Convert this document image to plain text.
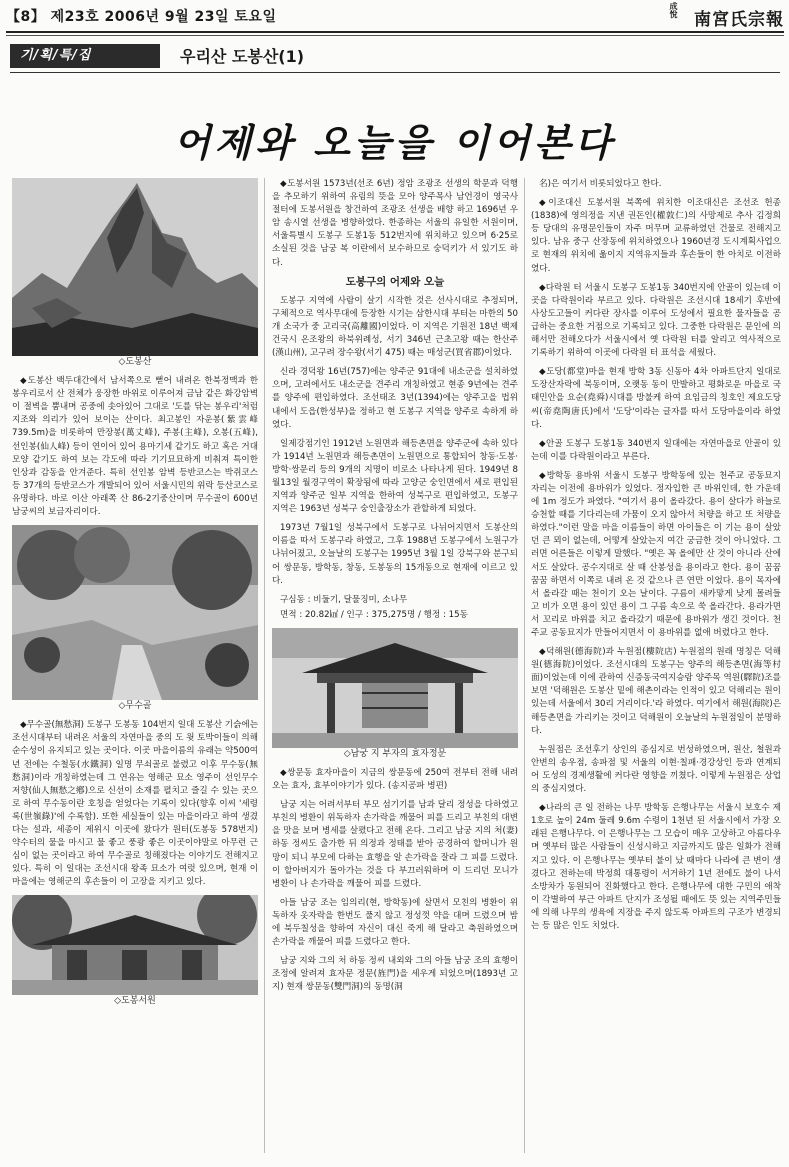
【8】 제23호 2006년 9월 23일 토요일	成悅 南宮氏宗報
기/획/특/집	우리산 도봉산(1)
어제와 오늘을 이어본다

◇도봉산

◆도봉산 백두대간에서 남서쪽으로 뻗어 내려온 한북정맥과 한 봉우리로서 산 전체가 웅장한 바위로 이루어져 금남 같은 화강암벽이 절벽을 뿜내며 공중에 솟아있어 그대로 '도를 닦는 봉우리'처럼 지조와 의리가 있어 보이는 산이다. 최고봉인 자운봉(紫雲峰 739.5m)을 비롯하여 만장봉(萬丈峰), 주봉(主峰), 오봉(五峰), 선인봉(仙人峰) 등이 연이어 있어 용마기세 같기도 하고 혹은 거대모양 같기도 하여 보는 각도에 따라 기기묘묘하게 비춰져 특이한 인상과 감동을 안겨준다. 특히 선인봉 암벽 등반코스는 박쥐코스 등 37개의 등반코스가 개발되어 있어 서울시민의 위락 등산코스로 유명하다. 바로 이산 아래쪽 산 86-2기중산이며 무수골이 600년 남궁씨의 보금자리이다.

◇무수골

◆무수골(無愁洞) 도봉구 도봉동 104번지 일대 도봉산 기슭에는 조선시대부터 내려온 서울의 자연마을 중의 도 윗 토박이들이 의해 순수성이 유지되고 있는 곳이다. 이곳 마을이름의 유래는 약500여년 전에는 수철동(水鐵洞) 일명 무쇠골로 불렸고 이후 무수동(無愁洞)이라 개칭하였는데 그 연유는 영해군 묘소 영주이 선인무수저향(仙人無愁之鄕)으로 신선이 소재를 펼치고 즐길 수 있는 곳으로 하여 무수동이란 호칭을 얻었다는 기록이 있다(향후 이씨 '세령록(世嶺錄)'에 수록함). 또한 세실들이 있는 마을이라고 하여 생겼다는 설과, 세종이 제위시 이곳에 왔다가 원터(도봉동 578번지) 약수터의 물을 마시고 물 좋고 풍광 좋은 이곳이야말로 아무런 근심이 없는 곳이라고 하여 무수골로 칭해졌다는 이야기도 전해지고 있다. 특히 이 일대는 조선시대 왕족 묘소가 여럿 있으며, 현재 이 마을에는 영해군의 후손들이 이 고장을 지키고 있다.

◇도봉서원

◆도봉서원 1573년(선조 6년) 정암 조광조 선생의 학문과 덕행을 추모하기 위하여 유림의 뜻을 모아 양주목사 남언경이 영국사 절터에 도봉서원을 창건하여 조광조 선생을 배향 하고 1696년 우암 송시열 선생을 병향하였다. 한종하는 서울의 유일한 서원이며, 서울특별시 도봉구 도봉1동 512번지에 위치하고 있으며 6·25로 소실된 것을 남궁 복 이란에서 보수하므로 숭덕키가 서 있기도 하다.

도봉구의 어제와 오늘

도봉구 지역에 사람이 살기 시작한 것은 선사시대로 추정되며, 구체적으로 역사무대에 등장한 시기는 삼한시대 부터는 마한의 50개 소국가 중 고리국(高離國)이었다. 이 지역은 기원전 18년 백제건국시 온조왕의 하북위례성, 서기 346년 근초고왕 때는 한산주(漢山州), 고구려 장수왕(서기 475) 때는 매성군(買省郡)이었다.

신라 경덕왕 16년(757)에는 양주군 91대에 내소군을 설치하였으며, 고려에서도 내소군을 견주리 개칭하였고 현종 9년에는 견주를 양주에 편입하였다. 조선태조 3년(1394)에는 양주고을 법위 내에서 도읍(한성부)을 정하고 현 도봉구 지역을 양주로 속하게 하였다.

일제강점기인 1912년 노원면과 해등촌면을 양주군에 속하 있다가 1914년 노원면과 해등촌면이 노원면으로 통합되어 창동·도봉·방학·쌍문리 등의 9개의 지명이 비로소 나타나게 된다. 1949년 8월13일 월경구역이 확장됨에 따라 고양군 숭인면에서 세로 편입된 지역과 양주군 일부 지역을 한하여 성북구로 편입하였고, 도봉구 지역은 1963년 성북구 숭인출장소가 관할하게 되었다.

1973년 7월1일 성북구에서 도봉구로 나뉘어지면서 도봉산의 이름을 따서 도봉구라 하였고, 그후 1988년 도봉구에서 노원구가 나뉘어졌고, 오늘날의 도봉구는 1995년 3월 1일 강북구와 분구되어 쌍문동, 방학동, 창동, 도봉동의 15개동으로 현재에 이르고 있다.

구심동 : 비둘기, 달물징미, 소나무

면적 : 20.82㎢ / 인구 : 375,275명 / 행정 : 15동

◇남궁 지 부자의 효자정문

◆쌍문동 효자마을이 지금의 쌍문동에 250여 전부터 전해 내려오는 효자, 효부이야기가 있다. (송지공파 병편)

남궁 지는 어려서부터 부모 섬기기를 남과 달리 정성을 다하였고 부친의 병환이 위독하자 손가락을 깨물어 피를 드리고 부친의 대변을 맛을 보며 병세를 살폈다고 전해 온다. 그리고 남궁 지의 처(妻) 하동 정씨도 출가한 뒤 의정과 정태를 받아 공경하여 할머니가 원망이 되니 부모에 다하는 효행을 알 손가락을 잘라 그 피를 드렸다. 이 할아버지가 돌아가는 것을 다 부끄러워하며 이 드리던 모니가 병환이 나 손가락을 깨물어 피를 드렸다.

아들 남궁 조는 임의리(현, 방학동)에 살면서 모친의 병환이 위독하자 옷자락을 한번도 풀지 않고 정성껏 약을 대며 드렸으며 밤에 북두칠성을 향하여 자신이 대신 죽게 해 달라고 축원하였으며 손가락을 깨물어 피를 드렸다고 한다.

남궁 지와 그의 처 하동 정씨 내외와 그의 아들 남궁 조의 효행이 조정에 알려져 효자문 정문(旌門)을 세우게 되었으며(1893년 고지) 현재 쌍문동(雙門洞)의 동명(洞

名)은 여기서 비롯되었다고 한다.

◆이조대신 도봉서원 북쪽에 위치한 이조대신은 조선조 헌종(1838)에 영의정을 지낸 권돈인(權敦仁)의 사망제로 추사 김정희 등 당대의 유명문인들이 자주 머무며 교류하였던 건물로 전해지고 있다. 남유 중구 산장동에 위치하였으나 1960년경 도시계획사업으로 현재의 위치에 옮이지 지역유지들과 후손들이 한 아치로 이전하였다.

◆다락원 터 서울시 도봉구 도봉1동 340번지에 안골이 있는데 이곳을 다락원이라 부르고 있다. 다락원은 조선시대 18세기 후반에 사상도고들이 커다란 장사를 이루어 도성에서 필요한 물자들을 공급하는 중요한 거점으로 기록되고 있다. 그중한 다락원은 문인에 의해서만 전해오다가 서울시에서 옛 다락원 터를 알리고 역사적으로 기록하기 위하여 이곳에 다락원 터 표석을 세웠다.

◆도당(都堂)마을 현재 방학 3동 신동아 4차 아파트단지 일대로 도장산자락에 북동이며, 오랫동 동이 만발하고 평화로운 마을로 국태민안을 요순(堯舜)시대를 방불케 하여 요임금의 칭호인 제요도당씨(帝堯陶唐氏)에서 '도당'이라는 글자를 따서 도당마을이라 하였다.

◆안골 도봉구 도봉1동 340번지 일대에는 자연마을로 안골이 있는데 이를 다락원이라고 부른다.

◆방학동 용바위 서울시 도봉구 방학동에 있는 천주교 공동묘지 자리는 이전에 용바위가 있었다. 정자입한 큰 바위인데, 한 가운데에 1m 정도가 파였다. "여기서 용이 올라갔다. 용이 살다가 하늘로 승천할 때를 기다리는데 가뭄이 오지 않아서 처량을 하고 또 처량을 하였다."이런 말을 마을 이름들이 하면 아이들은 이 기는 용이 살았던 큰 뫼이 없는데, 어떻게 살았는지 여간 궁금한 것이 아니었다. 그러면 어른들은 이렇게 말했다. "옛은 꼭 올에만 산 것이 아니라 산에서도 살았다. 공수지대로 살 때 산봉성을 용이라고 한다. 용이 꿈꿈꿈꿈 하면서 이쪽로 내려 온 것 같으나 큰 연만 이었다. 용이 목자에서 올라갈 때는 천이기 오는 날이다. 구름이 새카맣게 낮게 몰려들고 비가 오면 용이 있던 용이 그 구름 속으로 쑥 올라간다. 용라가면서 꼬리로 바위를 치고 올라갔기 때문에 용바위가 생긴 것이다. 천주교 공동묘지가 만들어지면서 이 용바위를 없애 버렸다고 한다.

◆덕해원(德海院)과 누원점(樓院店) 누원점의 원래 명칭은 덕해원(德海院)이었다. 조선시대의 도봉구는 양주의 해등촌면(海等村面)이었는데 이에 관하여 신증동국여지승람 양주목 역원(驛院)조를 보면 '덕해원은 도봉산 밑에 해촌이라는 인적이 있고 덕해리는 원이 있는데 서울에서 30리 거리이다.'라 하였다. 여기에서 해원(海院)은 해등촌면을 가리키는 것이고 덕해원이 오늘날의 누원점일이 분명하다.

누원점은 조선후기 상인의 종심지로 번성하였으며, 원산, 철원과 안변의 송우점, 송파점 및 서울의 이현·칠패·경강상인 등과 연계되어 도성의 경제생활에 커다란 영향을 끼쳤다. 이렇게 누원점은 상업의 중심지였다.

◆나라의 큰 일 전하는 나무 방학동 은행나무는 서울시 보호수 제1호로 높이 24m 둘레 9.6m 수령이 1천년 된 서울시에서 가장 오래된 은행나무다. 이 은행나무는 그 모습이 매우 고상하고 아름다우며 옛부터 많은 사람들이 신성시하고 지금까지도 많은 일화가 전해지고 있다. 이 은행나무는 옛부터 불이 났 때마다 나라에 큰 변이 생겼다고 전하는데 박정희 대통령이 서거하기 1년 전에도 불이 나서 소방차가 동원되어 진화했다고 한다. 은행나무에 대한 구민의 애착이 각별하여 부근 아파트 단지가 조성될 때에도 뜻 있는 지역주민들에 의해 나무의 생육에 지장을 주지 않도록 아파트의 구조가 변경되는 등 많은 인도 치었다.
